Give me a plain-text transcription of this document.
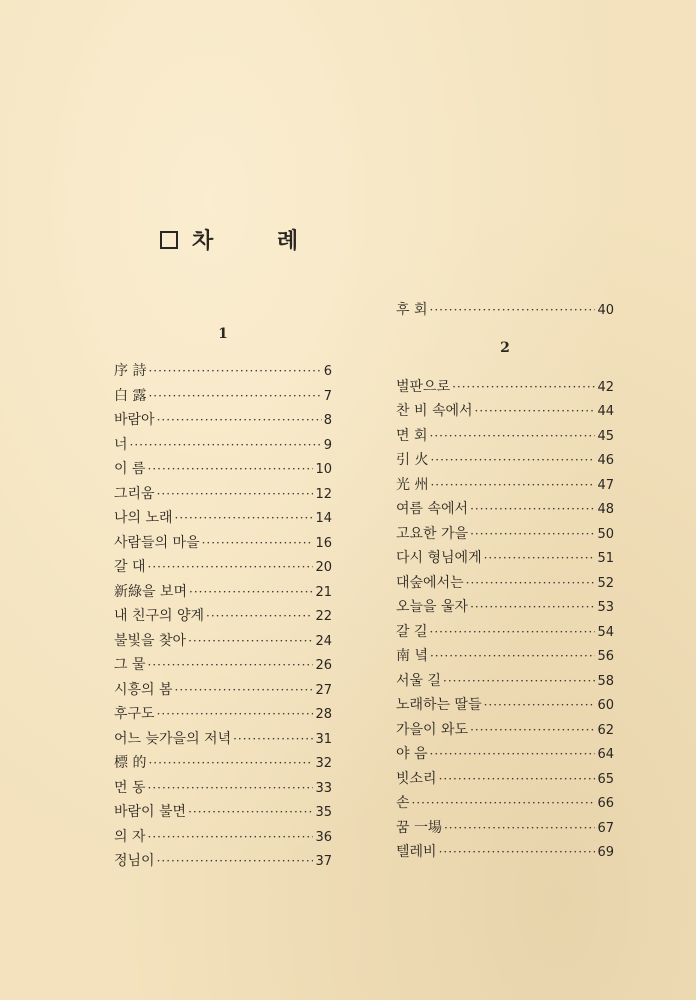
차 례
1
序 詩 ·····	6
白 露 ·····	7
바람아 ·····	8
너 ·····	9
이 름 ·····	10
그리움 ·····	12
나의 노래 ·····	14
사람들의 마을 ·····	16
갈 대 ·····	20
新綠을 보며 ·····	21
내 친구의 양계 ·····	22
불빛을 찾아 ·····	24
그 물 ·····	26
시흥의 봄 ·····	27
후구도 ·····	28
어느 늦가을의 저녁 ·····	31
標 的 ·····	32
먼 동 ·····	33
바람이 불면 ·····	35
의 자 ·····	36
정님이 ·····	37
후 회 ·····	40
2
벌판으로 ·····	42
찬 비 속에서 ·····	44
면 회 ·····	45
引 火 ·····	46
光 州 ·····	47
여름 속에서 ·····	48
고요한 가을 ·····	50
다시 형님에게 ·····	51
대숲에서는 ·····	52
오늘을 울자 ·····	53
갈 길 ·····	54
南 녘 ·····	56
서울 길 ·····	58
노래하는 딸들 ·····	60
가을이 와도 ·····	62
야 음 ·····	64
빗소리 ·····	65
손 ·····	66
꿈 一場 ·····	67
텔레비 ·····	69
